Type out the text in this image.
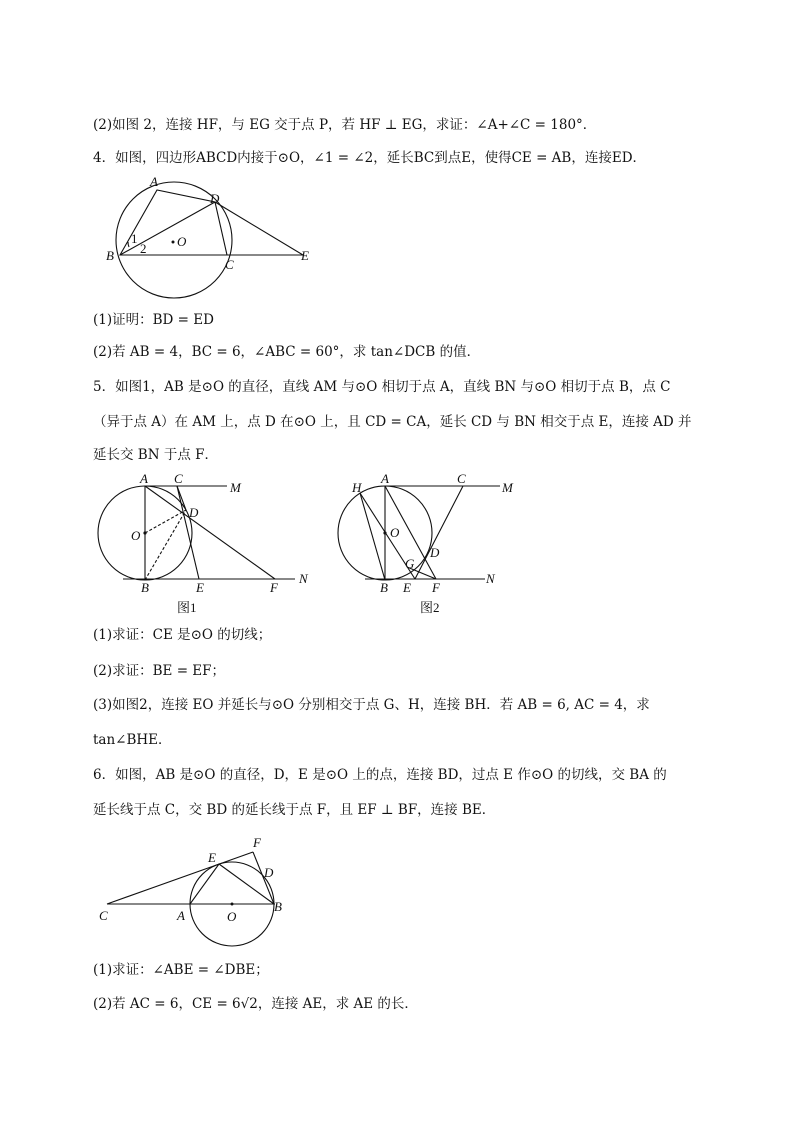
(2)如图 2，连接 HF，与 EG 交于点 P，若 HF ⊥ EG，求证：∠A+∠C = 180°．
4．如图，四边形ABCD内接于⊙O，∠1 = ∠2，延长BC到点E，使得CE = AB，连接ED．
(1)证明：BD = ED
(2)若 AB = 4，BC = 6，∠ABC = 60°，求 tan∠DCB 的值．
5．如图1，AB 是⊙O 的直径，直线 AM 与⊙O 相切于点 A，直线 BN 与⊙O 相切于点 B，点 C
（异于点 A）在 AM 上，点 D 在⊙O 上，且 CD = CA，延长 CD 与 BN 相交于点 E，连接 AD 并
延长交 BN 于点 F．
(1)求证：CE 是⊙O 的切线；
(2)求证：BE = EF；
(3)如图2，连接 EO 并延长与⊙O 分别相交于点 G、H，连接 BH．若 AB = 6, AC = 4，求
tan∠BHE．
6．如图，AB 是⊙O 的直径，D，E 是⊙O 上的点，连接 BD，过点 E 作⊙O 的切线，交 BA 的
延长线于点 C，交 BD 的延长线于点 F，且 EF ⊥ BF，连接 BE．
(1)求证：∠ABE = ∠DBE；
(2)若 AC = 6，CE = 6√2，连接 AE，求 AE 的长．
A
B
C
D
E
O
1
2
A
B
C
D
E	F
M
N
O
图1
H
A
B
C
D
G
E F
M
N
O
图2
C	A	O
B
E
F
D
